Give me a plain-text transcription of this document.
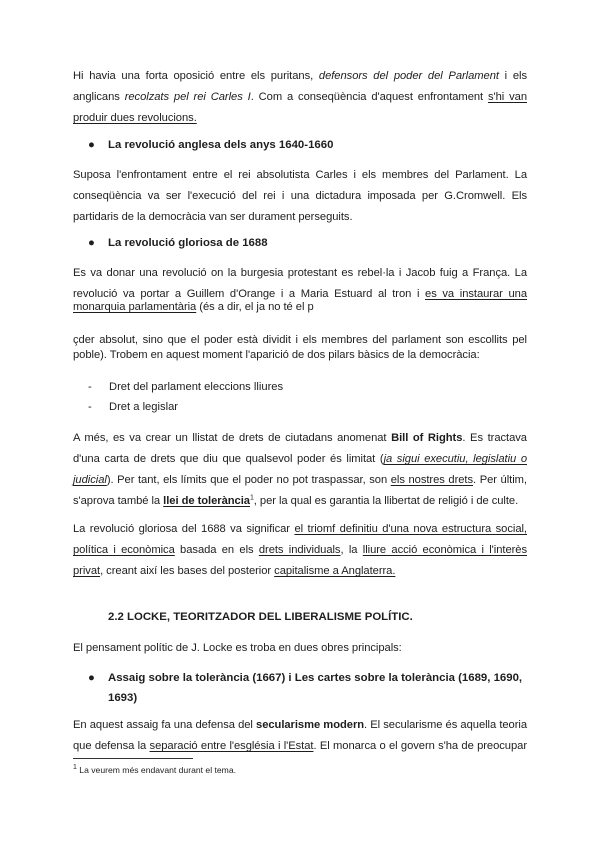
Hi havia una forta oposició entre els puritans, defensors del poder del Parlament i els

anglicans recolzats pel rei Carles I. Com a conseqüència d'aquest enfrontament s'hi van

produir dues revolucions.

● La revolució anglesa dels anys 1640-1660

Suposa l'enfrontament entre el rei absolutista Carles i els membres del Parlament. La

conseqüència va ser l'execució del rei i una dictadura imposada per G.Cromwell. Els

partidaris de la democràcia van ser durament perseguits.

● La revolució gloriosa de 1688

Es va donar una revolució on la burgesia protestant es rebel·la i Jacob fuig a França. La

revolució va portar a Guillem d'Orange i a Maria Estuard al tron i es va instaurar una

monarquia parlamentària (és a dir, el ja no té el p

çder absolut, sino que el poder està dividit i els membres del parlament son escollits pel

poble). Trobem en aquest moment l'aparició de dos pilars bàsics de la democràcia:

- Dret del parlament eleccions lliures
- Dret a legislar

A més, es va crear un llistat de drets de ciutadans anomenat Bill of Rights. Es tractava

d'una carta de drets que diu que qualsevol poder és limitat (ja sigui executiu, legislatiu o

judicial). Per tant, els límits que el poder no pot traspassar, son els nostres drets. Per últim,

s'aprova també la llei de tolerància$^1$, per la qual es garantia la llibertat de religió i de culte.

La revolució gloriosa del 1688 va significar el triomf definitiu d'una nova estructura social,

política i econòmica basada en els drets individuals, la lliure acció econòmica i l'interès

privat, creant així les bases del posterior capitalisme a Anglaterra.

2.2 LOCKE, TEORITZADOR DEL LIBERALISME POLÍTIC.

El pensament polític de J. Locke es troba en dues obres principals:

● Assaig sobre la tolerància (1667) i Les cartes sobre la tolerància (1689, 1690,
1693)

En aquest assaig fa una defensa del secularisme modern. El secularisme és aquella teoria

que defensa la separació entre l'església i l'Estat. El monarca o el govern s'ha de preocupar

$^1$ La veurem més endavant durant el tema.
